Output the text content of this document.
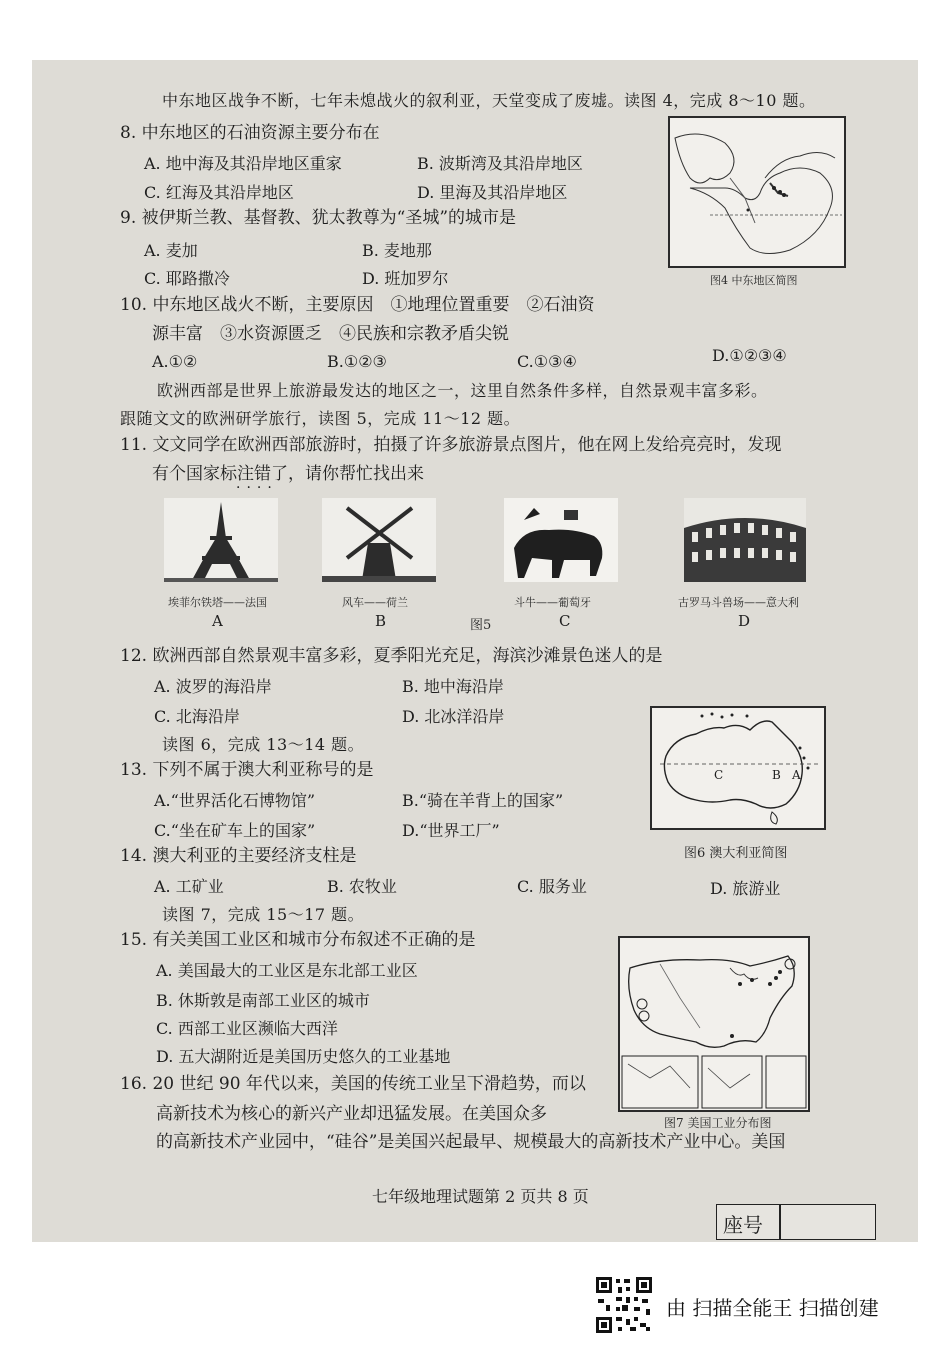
中东地区战争不断，七年未熄战火的叙利亚，天堂变成了废墟。读图 4，完成 8～10 题。
8. 中东地区的石油资源主要分布在
A. 地中海及其沿岸地区重家	B. 波斯湾及其沿岸地区
C. 红海及其沿岸地区	D. 里海及其沿岸地区
9. 被伊斯兰教、基督教、犹太教尊为“圣城”的城市是
A. 麦加	B. 麦地那
C. 耶路撒冷	D. 班加罗尔	图4 中东地区简图
10. 中东地区战火不断，主要原因　①地理位置重要　②石油资
源丰富　③水资源匮乏　④民族和宗教矛盾尖锐
A.①②	B.①②③	C.①③④	D.①②③④
欧洲西部是世界上旅游最发达的地区之一，这里自然条件多样，自然景观丰富多彩。
跟随文文的欧洲研学旅行，读图 5，完成 11～12 题。
11. 文文同学在欧洲西部旅游时，拍摄了许多旅游景点图片，他在网上发给亮亮时，发现
有个国家标注错了，请你帮忙找出来
····
埃菲尔铁塔——法国	风车——荷兰	斗牛——葡萄牙	古罗马斗兽场——意大利
A	B	图5	C	D
12. 欧洲西部自然景观丰富多彩，夏季阳光充足，海滨沙滩景色迷人的是
A. 波罗的海沿岸	B. 地中海沿岸
C. 北海沿岸	D. 北冰洋沿岸
读图 6，完成 13～14 题。
C	B A
图6 澳大利亚简图
13. 下列不属于澳大利亚称号的是
A.“世界活化石博物馆”	B.“骑在羊背上的国家”
C.“坐在矿车上的国家”	D.“世界工厂”
14. 澳大利亚的主要经济支柱是
A. 工矿业	B. 农牧业	C. 服务业	D. 旅游业
读图 7，完成 15～17 题。
15. 有关美国工业区和城市分布叙述不正确的是
A. 美国最大的工业区是东北部工业区
B. 休斯敦是南部工业区的城市
C. 西部工业区濒临大西洋
D. 五大湖附近是美国历史悠久的工业基地
图7 美国工业分布图
16. 20 世纪 90 年代以来，美国的传统工业呈下滑趋势，而以
高新技术为核心的新兴产业却迅猛发展。在美国众多
的高新技术产业园中，“硅谷”是美国兴起最早、规模最大的高新技术产业中心。美国
七年级地理试题第 2 页共 8 页
座号
由 扫描全能王 扫描创建
